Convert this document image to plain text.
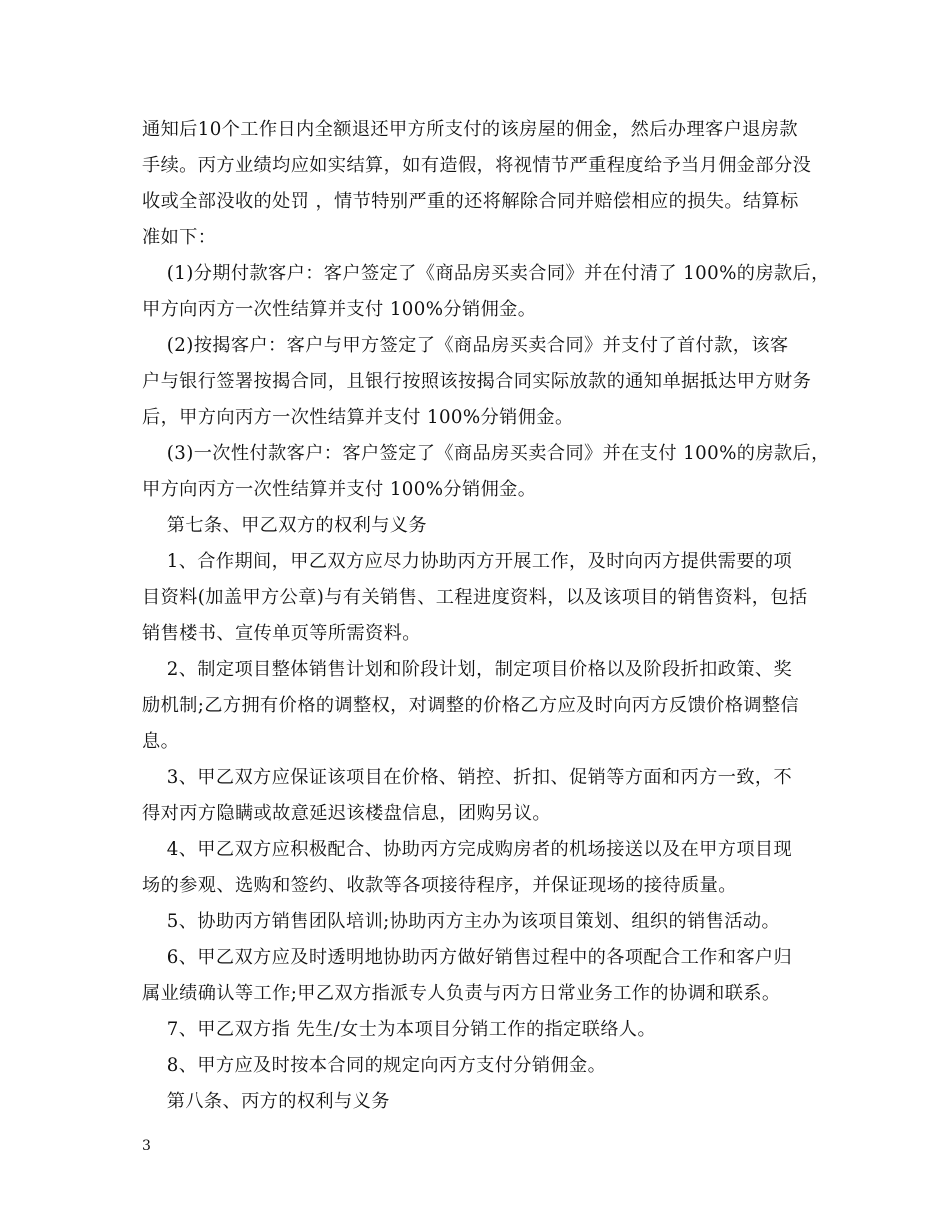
通知后10个工作日内全额退还甲方所支付的该房屋的佣金，然后办理客户退房款
手续。丙方业绩均应如实结算，如有造假，将视情节严重程度给予当月佣金部分没
收或全部没收的处罚 ，情节特别严重的还将解除合同并赔偿相应的损失。结算标
准如下：

(1)分期付款客户：客户签定了《商品房买卖合同》并在付清了 100%的房款后，
甲方向丙方一次性结算并支付 100%分销佣金。

(2)按揭客户：客户与甲方签定了《商品房买卖合同》并支付了首付款，该客
户与银行签署按揭合同，且银行按照该按揭合同实际放款的通知单据抵达甲方财务
后，甲方向丙方一次性结算并支付 100%分销佣金。

(3)一次性付款客户：客户签定了《商品房买卖合同》并在支付 100%的房款后，
甲方向丙方一次性结算并支付 100%分销佣金。

第七条、甲乙双方的权利与义务

1、合作期间，甲乙双方应尽力协助丙方开展工作，及时向丙方提供需要的项
目资料(加盖甲方公章)与有关销售、工程进度资料，以及该项目的销售资料，包括
销售楼书、宣传单页等所需资料。

2、制定项目整体销售计划和阶段计划，制定项目价格以及阶段折扣政策、奖
励机制;乙方拥有价格的调整权，对调整的价格乙方应及时向丙方反馈价格调整信
息。

3、甲乙双方应保证该项目在价格、销控、折扣、促销等方面和丙方一致，不
得对丙方隐瞒或故意延迟该楼盘信息，团购另议。

4、甲乙双方应积极配合、协助丙方完成购房者的机场接送以及在甲方项目现
场的参观、选购和签约、收款等各项接待程序，并保证现场的接待质量。

5、协助丙方销售团队培训;协助丙方主办为该项目策划、组织的销售活动。

6、甲乙双方应及时透明地协助丙方做好销售过程中的各项配合工作和客户归
属业绩确认等工作;甲乙双方指派专人负责与丙方日常业务工作的协调和联系。

7、甲乙双方指 先生/女士为本项目分销工作的指定联络人。

8、甲方应及时按本合同的规定向丙方支付分销佣金。

第八条、丙方的权利与义务

3
